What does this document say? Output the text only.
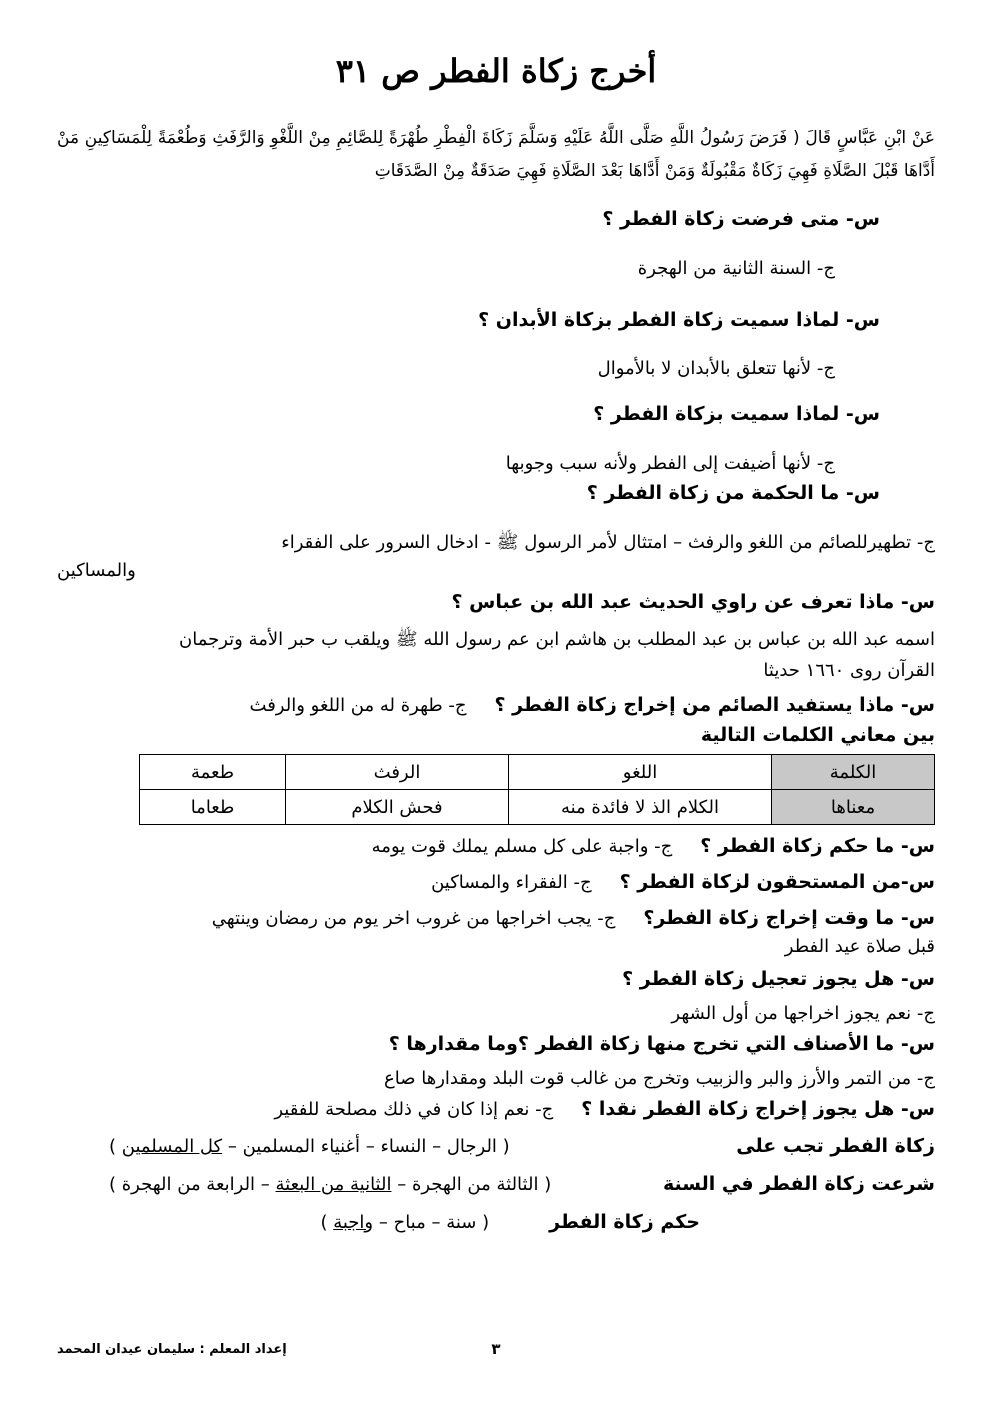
أخرج زكاة الفطر ص ٣١
عَنْ ابْنِ عَبَّاسٍ قَالَ ( فَرَضَ رَسُولُ اللَّهِ صَلَّى اللَّهُ عَلَيْهِ وَسَلَّمَ زَكَاةَ الْفِطْرِ طُهْرَةً لِلصَّائِمِ مِنْ اللَّغْوِ وَالرَّفَثِ وَطُعْمَةً لِلْمَسَاكِينِ مَنْ أَدَّاهَا قَبْلَ الصَّلَاةِ فَهِيَ زَكَاةٌ مَقْبُولَةٌ وَمَنْ أَدَّاهَا بَعْدَ الصَّلَاةِ فَهِيَ صَدَقَةٌ مِنْ الصَّدَقَاتِ
س- متى فرضت زكاة الفطر ؟
ج- السنة الثانية من الهجرة
س- لماذا سميت زكاة الفطر بزكاة الأبدان ؟
ج- لأنها تتعلق بالأبدان لا بالأموال
س- لماذا سميت بزكاة الفطر ؟
ج- لأنها أضيفت إلى الفطر ولأنه سبب وجوبها
س- ما الحكمة من زكاة الفطر ؟
ج- تطهيرللصائم من اللغو والرفث – امتثال لأمر الرسول ﷺ - ادخال السرور على الفقراء
والمساكين
س- ماذا تعرف عن راوي الحديث عبد الله بن عباس ؟
اسمه عبد الله بن عباس بن عبد المطلب بن هاشم ابن عم رسول الله ﷺ ويلقب ب حبر الأمة وترجمان
القرآن روى ١٦٦٠ حديثا
س- ماذا يستفيد الصائم من إخراج زكاة الفطر ؟
ج- طهرة له من اللغو والرفث
بين معاني الكلمات التالية
الكلمة	اللغو	الرفث	طعمة
معناها	الكلام الذ لا فائدة منه	فحش الكلام	طعاما
س- ما حكم زكاة الفطر ؟
ج- واجبة على كل مسلم يملك قوت يومه
س-من المستحقون لزكاة الفطر ؟
ج- الفقراء والمساكين
س- ما وقت إخراج زكاة الفطر؟
ج- يجب اخراجها من غروب اخر يوم من رمضان وينتهي
قبل صلاة عيد الفطر
س- هل يجوز تعجيل زكاة الفطر ؟
ج- نعم يجوز اخراجها من أول الشهر
س- ما الأصناف التي تخرج منها زكاة الفطر ؟وما مقدارها ؟
ج- من التمر والأرز والبر والزبيب وتخرج من غالب قوت البلد ومقدارها صاع
س- هل يجوز إخراج زكاة الفطر نقدا ؟
ج- نعم إذا كان في ذلك مصلحة للفقير
زكاة الفطر تجب على
( الرجال – النساء – أغنياء المسلمين – كل المسلمين )
شرعت زكاة الفطر في السنة
( الثالثة من الهجرة – الثانية من البعثة – الرابعة من الهجرة )
حكم زكاة الفطر
( سنة – مباح – واجبة )
إعداد المعلم : سليمان عيدان المحمد	٣
